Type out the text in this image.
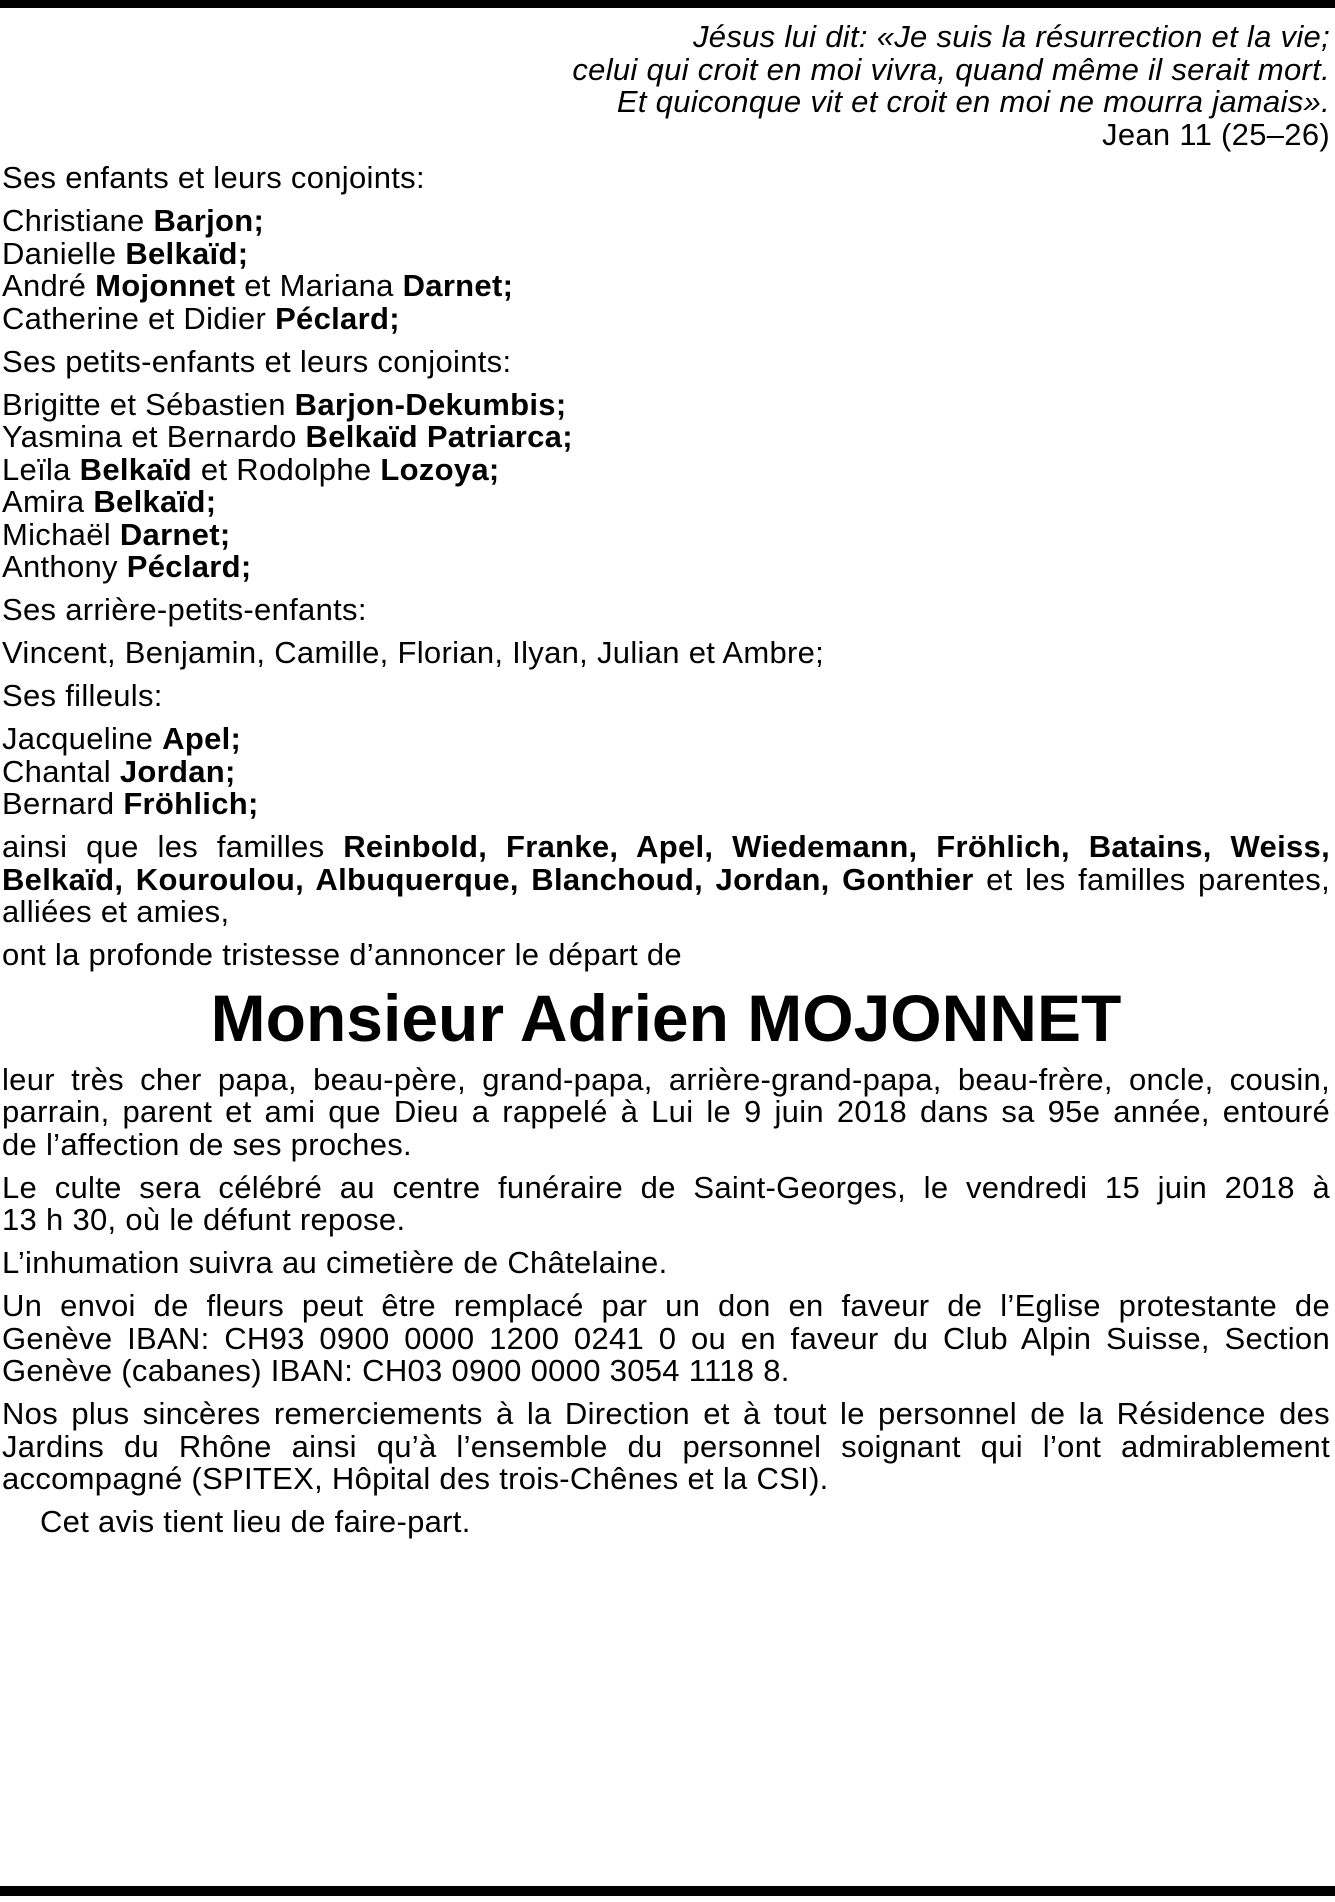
Jésus lui dit: «Je suis la résurrection et la vie;
celui qui croit en moi vivra, quand même il serait mort.
Et quiconque vit et croit en moi ne mourra jamais».
Jean 11 (25–26)
Ses enfants et leurs conjoints:
Christiane Barjon;
Danielle Belkaïd;
André Mojonnet et Mariana Darnet;
Catherine et Didier Péclard;
Ses petits-enfants et leurs conjoints:
Brigitte et Sébastien Barjon-Dekumbis;
Yasmina et Bernardo Belkaïd Patriarca;
Leïla Belkaïd et Rodolphe Lozoya;
Amira Belkaïd;
Michaël Darnet;
Anthony Péclard;
Ses arrière-petits-enfants:
Vincent, Benjamin, Camille, Florian, Ilyan, Julian et Ambre;
Ses filleuls:
Jacqueline Apel;
Chantal Jordan;
Bernard Fröhlich;
ainsi que les familles Reinbold, Franke, Apel, Wiedemann, Fröhlich, Batains, Weiss,
Belkaïd, Kouroulou, Albuquerque, Blanchoud, Jordan, Gonthier et les familles parentes,
alliées et amies,
ont la profonde tristesse d’annoncer le départ de
Monsieur Adrien MOJONNET
leur très cher papa, beau-père, grand-papa, arrière-grand-papa, beau-frère, oncle, cousin,
parrain, parent et ami que Dieu a rappelé à Lui le 9 juin 2018 dans sa 95e année, entouré
de l’affection de ses proches.
Le culte sera célébré au centre funéraire de Saint-Georges, le vendredi 15 juin 2018 à
13 h 30, où le défunt repose.
L’inhumation suivra au cimetière de Châtelaine.
Un envoi de fleurs peut être remplacé par un don en faveur de l’Eglise protestante de
Genève IBAN: CH93 0900 0000 1200 0241 0 ou en faveur du Club Alpin Suisse, Section
Genève (cabanes) IBAN: CH03 0900 0000 3054 1118 8.
Nos plus sincères remerciements à la Direction et à tout le personnel de la Résidence des
Jardins du Rhône ainsi qu’à l’ensemble du personnel soignant qui l’ont admirablement
accompagné (SPITEX, Hôpital des trois-Chênes et la CSI).
Cet avis tient lieu de faire-part.
